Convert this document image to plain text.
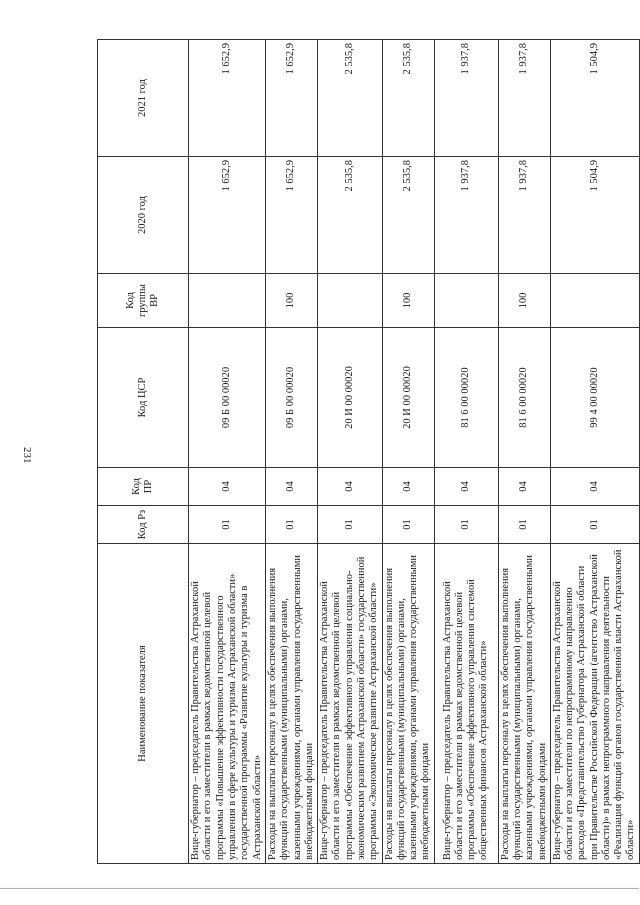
231
Наименование показателя	Код Рз	Код ПР	Код ЦСР	Код группы ВР	2020 год	2021 год
Вице-губернатор – председатель Правительства Астраханской области и его заместители в рамках ведомственной целевой программы «Повышение эффективности государственного управления в сфере культуры и туризма Астраханской области» государственной программы «Развитие культуры и туризма в Астраханской области»	01	04	09 Б 00 00020		1 652,9	1 652,9
Расходы на выплаты персоналу в целях обеспечения выполнения функций государственными (муниципальными) органами, казенными учреждениями, органами управления государственными внебюджетными фондами	01	04	09 Б 00 00020	100	1 652,9	1 652,9
Вице-губернатор – председатель Правительства Астраханской области и его заместители в рамках ведомственной целевой программы «Обеспечение эффективного управления социально-экономическим развитием Астраханской области» государственной программы «Экономическое развитие Астраханской области»	01	04	20 И 00 00020		2 535,8	2 535,8
Расходы на выплаты персоналу в целях обеспечения выполнения функций государственными (муниципальными) органами, казенными учреждениями, органами управления государственными внебюджетными фондами	01	04	20 И 00 00020	100	2 535,8	2 535,8
Вице-губернатор – председатель Правительства Астраханской области и его заместители в рамках ведомственной целевой программы «Обеспечение эффективного управления системой общественных финансов Астраханской области»	01	04	81 6 00 00020		1 937,8	1 937,8
Расходы на выплаты персоналу в целях обеспечения выполнения функций государственными (муниципальными) органами, казенными учреждениями, органами управления государственными внебюджетными фондами	01	04	81 6 00 00020	100	1 937,8	1 937,8
Вице-губернатор – председатель Правительства Астраханской области и его заместители по непрограммному направлению расходов «Представительство Губернатора Астраханской области при Правительстве Российской Федерации (агентство Астраханской области)» в рамках непрограммного направления деятельности «Реализация функций органов государственной власти Астраханской области»	01	04	99 4 00 00020		1 504,9	1 504,9
